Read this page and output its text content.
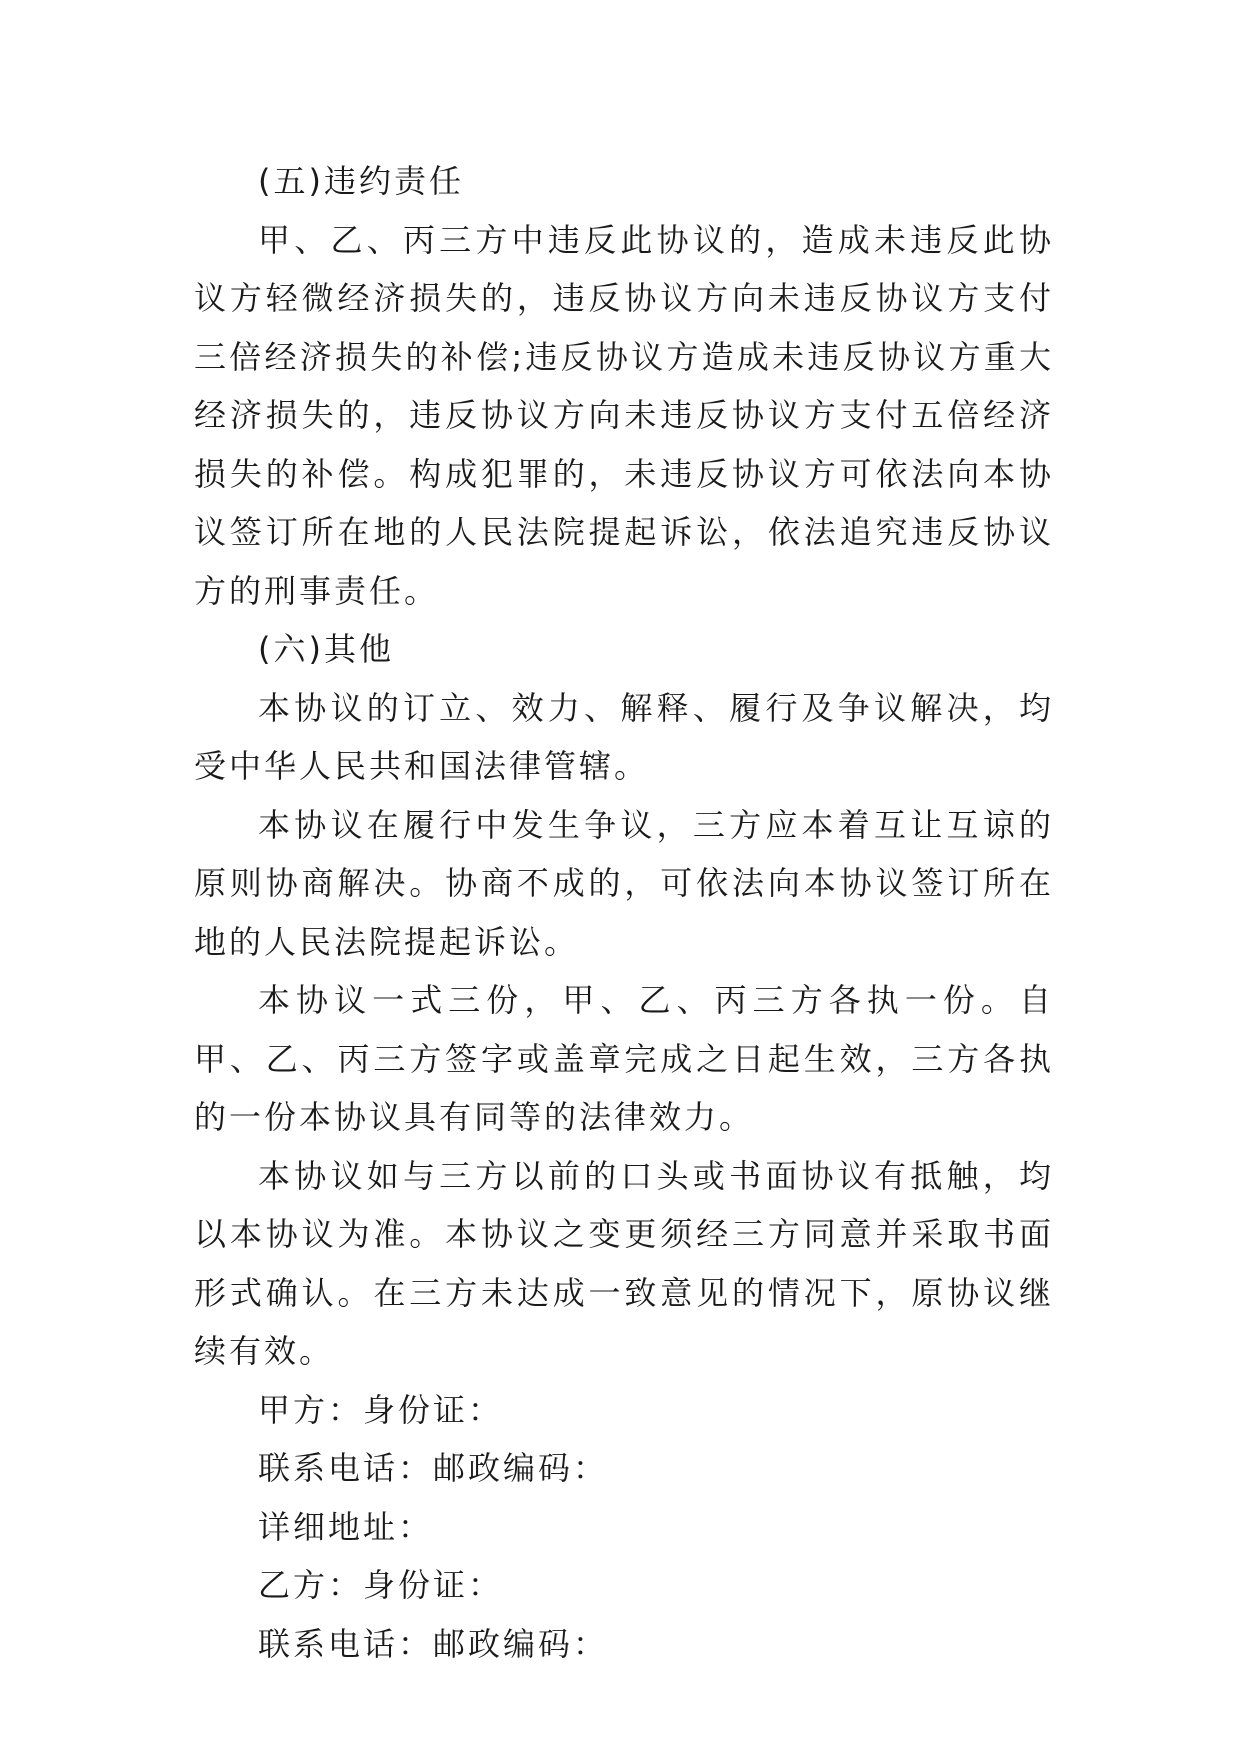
(五)违约责任

甲、乙、丙三方中违反此协议的，造成未违反此协议方轻微经济损失的，违反协议方向未违反协议方支付三倍经济损失的补偿;违反协议方造成未违反协议方重大经济损失的，违反协议方向未违反协议方支付五倍经济损失的补偿。构成犯罪的，未违反协议方可依法向本协议签订所在地的人民法院提起诉讼，依法追究违反协议方的刑事责任。

(六)其他

本协议的订立、效力、解释、履行及争议解决，均受中华人民共和国法律管辖。

本协议在履行中发生争议，三方应本着互让互谅的原则协商解决。协商不成的，可依法向本协议签订所在地的人民法院提起诉讼。

本协议一式三份，甲、乙、丙三方各执一份。自甲、乙、丙三方签字或盖章完成之日起生效，三方各执的一份本协议具有同等的法律效力。

本协议如与三方以前的口头或书面协议有抵触，均以本协议为准。本协议之变更须经三方同意并采取书面形式确认。在三方未达成一致意见的情况下，原协议继续有效。

甲方：身份证：

联系电话：邮政编码：

详细地址：

乙方：身份证：

联系电话：邮政编码：
